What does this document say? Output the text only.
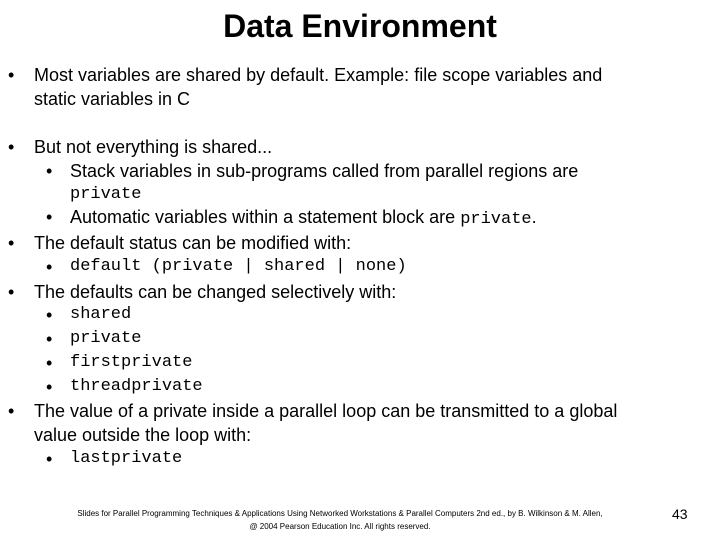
Data Environment
• Most variables are shared by default. Example: file scope variables and
static variables in C
• But not everything is shared...
• Stack variables in sub-programs called from parallel regions are
private
• Automatic variables within a statement block are private.
• The default status can be modified with:
• default (private | shared | none)
• The defaults can be changed selectively with:
• shared
• private
• firstprivate
• threadprivate
• The value of a private inside a parallel loop can be transmitted to a global
value outside the loop with:
• lastprivate
Slides for Parallel Programming Techniques & Applications Using Networked Workstations & Parallel Computers 2nd ed., by B. Wilkinson & M. Allen,
@ 2004 Pearson Education Inc. All rights reserved.
43
